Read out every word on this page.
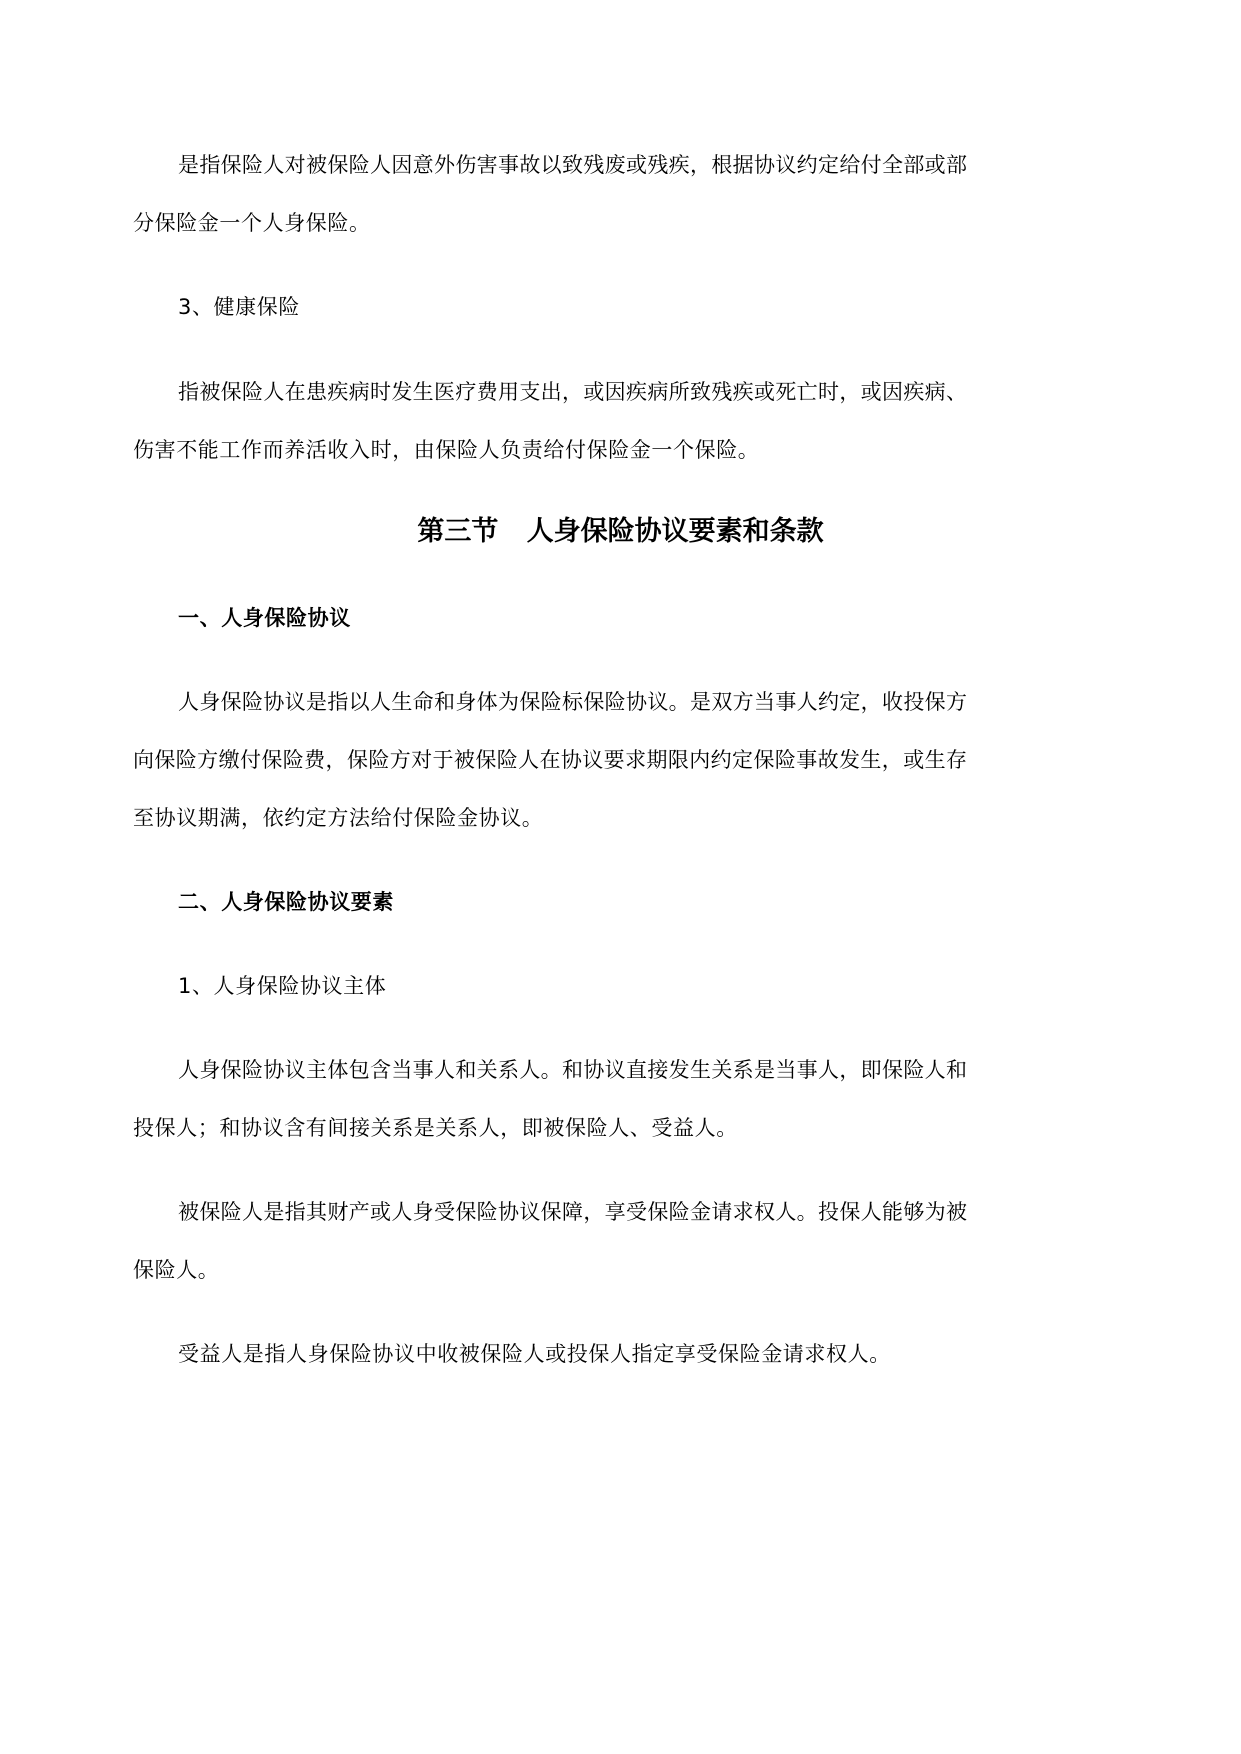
是指保险人对被保险人因意外伤害事故以致残废或残疾，根据协议约定给付全部或部
分保险金一个人身保险。
3、健康保险
指被保险人在患疾病时发生医疗费用支出，或因疾病所致残疾或死亡时，或因疾病、
伤害不能工作而养活收入时，由保险人负责给付保险金一个保险。
第三节   人身保险协议要素和条款
一、人身保险协议
人身保险协议是指以人生命和身体为保险标保险协议。是双方当事人约定，收投保方
向保险方缴付保险费，保险方对于被保险人在协议要求期限内约定保险事故发生，或生存
至协议期满，依约定方法给付保险金协议。
二、人身保险协议要素
1、人身保险协议主体
人身保险协议主体包含当事人和关系人。和协议直接发生关系是当事人，即保险人和
投保人；和协议含有间接关系是关系人，即被保险人、受益人。
被保险人是指其财产或人身受保险协议保障，享受保险金请求权人。投保人能够为被
保险人。
受益人是指人身保险协议中收被保险人或投保人指定享受保险金请求权人。
